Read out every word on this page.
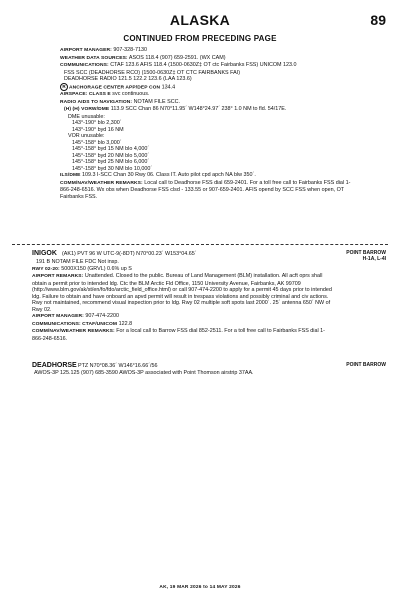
ALASKA	89
CONTINUED FROM PRECEDING PAGE
AIRPORT MANAGER: 907-328-7130
WEATHER DATA SOURCES: ASOS 118.4 (907) 659-2591. (WX CAM)
COMMUNICATIONS: CTAF 123.6 AFIS 118.4 (1500-0630Z‡ OT ctc Fairbanks FSS) UNICOM 123.0
FSS SCC (DEADHORSE RCO) (1500-0630Z‡ OT CTC FAIRBANKS FAI)
DEADHORSE RADIO 121.5 122.2 123.6 (LAA 123.6)
R ANCHORAGE CENTER APP/DEP CON 134.4
AIRSPACE: CLASS E svc continuous.
RADIO AIDS TO NAVIGATION: NOTAM FILE SCC.
(H) (H) VORW/DME 113.9 SCC Chan 86 N70°11.95´ W148°24.97´ 238° 1.0 NM to fld. 54/17E.
DME unusable:
143°-190° blo 2,300´
143°-190° byd 16 NM
VOR unusable:
145°-158° blo 3,000´
145°-158° byd 15 NM blo 4,000´
145°-158° byd 20 NM blo 5,000´
145°-158° byd 25 NM blo 6,000´
145°-158° byd 30 NM blo 10,000´
ILS/DME 109.3 I-SCC Chan 30 Rwy 06. Class IT. Auto pilot cpd apch NA blw 350´.
COMM/NAV/WEATHER REMARKS: Local call to Deadhorse FSS dial 659-2401. For a toll free call to Fairbanks FSS dial 1-866-248-6516. Wx obs when Deadhorse FSS clsd - 133.55 or 907-659-2401. AFIS opend by SCC FSS when open, OT Fairbanks FSS.
INIGOK (AK1) PVT 96 W UTC-9(-8DT) N70°00.23´ W153°04.65´	POINT BARROW
H-1A, L-4I
191 B NOTAM FILE FDC Not insp.
RWY 02-20: 5000X150 (GRVL) 0.6% up S
AIRPORT REMARKS: Unattended. Closed to the public. Bureau of Land Management (BLM) installation. All acft oprs shall obtain a permit prior to intended ldg. Ctc the BLM Arctic Fld Office, 1150 University Avenue, Fairbanks, AK 99709 (http://www.blm.gov/ak/st/en/fo/fdo/arctic_field_office.html) or call 907-474-2200 to apply for a permit 45 days prior to intended ldg. Failure to obtain and have onboard an apvd permit will result in trespass violations and possibly criminal and civ actions. Rwy not maintained, recommend visual inspection prior to ldg. Rwy 02 multiple soft spots last 2000´. 25´ antenna 650´ NW of Rwy 02.
AIRPORT MANAGER: 907-474-2200
COMMUNICATIONS: CTAF/UNICOM 122.8
COMM/NAV/WEATHER REMARKS: For a local call to Barrow FSS dial 852-2511. For a toll free call to Fairbanks FSS dial 1-866-248-6516.
DEADHORSE PTZ N70°08.36´ W146°16.66´/56	POINT BARROW
AWOS-3P 125.125 (907) 685-3590 AWOS-3P associated with Point Thomson airstrip 37AA.
AK, 19 MAR 2026 to 14 MAY 2026
